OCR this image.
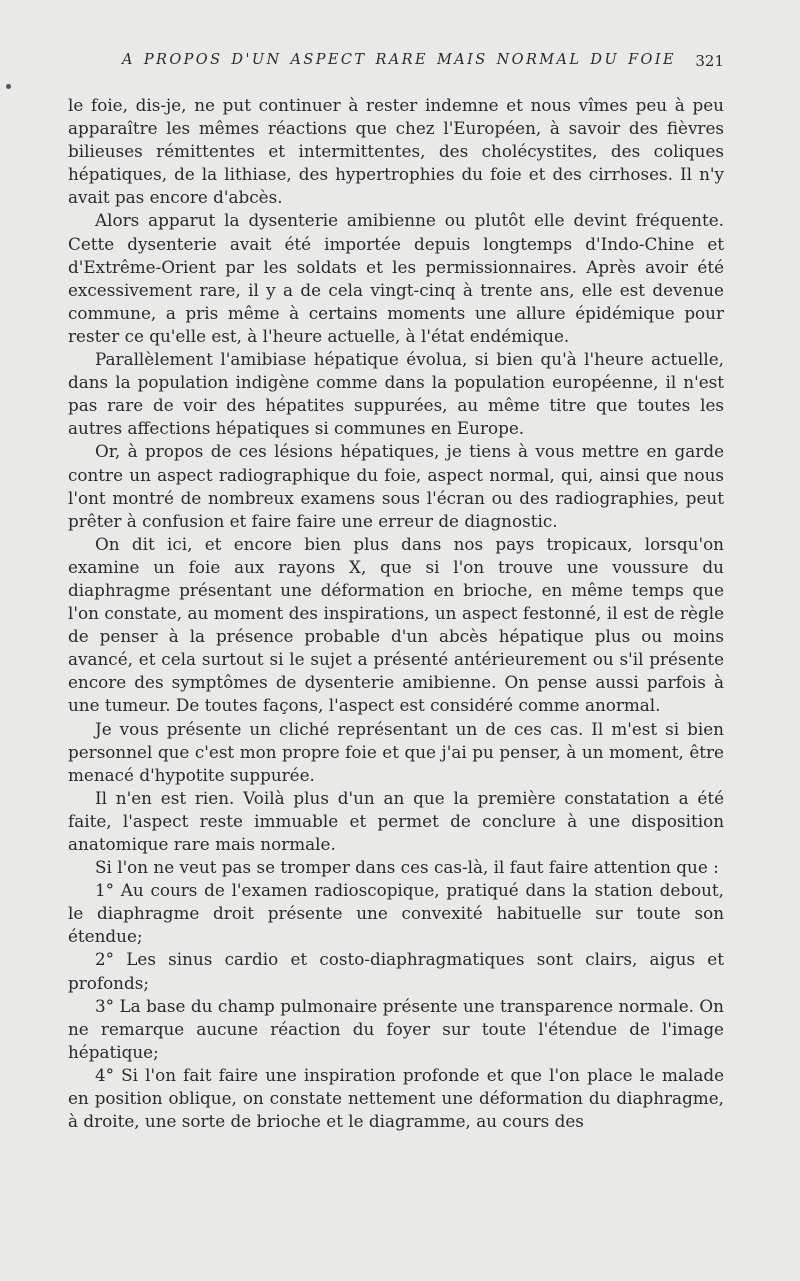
A PROPOS D'UN ASPECT RARE MAIS NORMAL DU FOIE 321

le foie, dis-je, ne put continuer à rester indemne et nous vîmes peu à peu apparaître les mêmes réactions que chez l'Européen, à savoir des fièvres bilieuses rémittentes et intermittentes, des cholécystites, des coliques hépatiques, de la lithiase, des hypertrophies du foie et des cirrhoses. Il n'y avait pas encore d'abcès.

Alors apparut la dysenterie amibienne ou plutôt elle devint fréquente. Cette dysenterie avait été importée depuis longtemps d'Indo-Chine et d'Extrême-Orient par les soldats et les permissionnaires. Après avoir été excessivement rare, il y a de cela vingt-cinq à trente ans, elle est devenue commune, a pris même à certains moments une allure épidémique pour rester ce qu'elle est, à l'heure actuelle, à l'état endémique.

Parallèlement l'amibiase hépatique évolua, si bien qu'à l'heure actuelle, dans la population indigène comme dans la population européenne, il n'est pas rare de voir des hépatites suppurées, au même titre que toutes les autres affections hépatiques si communes en Europe.

Or, à propos de ces lésions hépatiques, je tiens à vous mettre en garde contre un aspect radiographique du foie, aspect normal, qui, ainsi que nous l'ont montré de nombreux examens sous l'écran ou des radiographies, peut prêter à confusion et faire faire une erreur de diagnostic.

On dit ici, et encore bien plus dans nos pays tropicaux, lorsqu'on examine un foie aux rayons X, que si l'on trouve une voussure du diaphragme présentant une déformation en brioche, en même temps que l'on constate, au moment des inspirations, un aspect festonné, il est de règle de penser à la présence probable d'un abcès hépatique plus ou moins avancé, et cela surtout si le sujet a présenté antérieurement ou s'il présente encore des symptômes de dysenterie amibienne. On pense aussi parfois à une tumeur. De toutes façons, l'aspect est considéré comme anormal.

Je vous présente un cliché représentant un de ces cas. Il m'est si bien personnel que c'est mon propre foie et que j'ai pu penser, à un moment, être menacé d'hypotite suppurée.

Il n'en est rien. Voilà plus d'un an que la première constatation a été faite, l'aspect reste immuable et permet de conclure à une disposition anatomique rare mais normale.

Si l'on ne veut pas se tromper dans ces cas-là, il faut faire attention que :

1° Au cours de l'examen radioscopique, pratiqué dans la station debout, le diaphragme droit présente une convexité habituelle sur toute son étendue;

2° Les sinus cardio et costo-diaphragmatiques sont clairs, aigus et profonds;

3° La base du champ pulmonaire présente une transparence normale. On ne remarque aucune réaction du foyer sur toute l'étendue de l'image hépatique;

4° Si l'on fait faire une inspiration profonde et que l'on place le malade en position oblique, on constate nettement une déformation du diaphragme, à droite, une sorte de brioche et le diagramme, au cours des
